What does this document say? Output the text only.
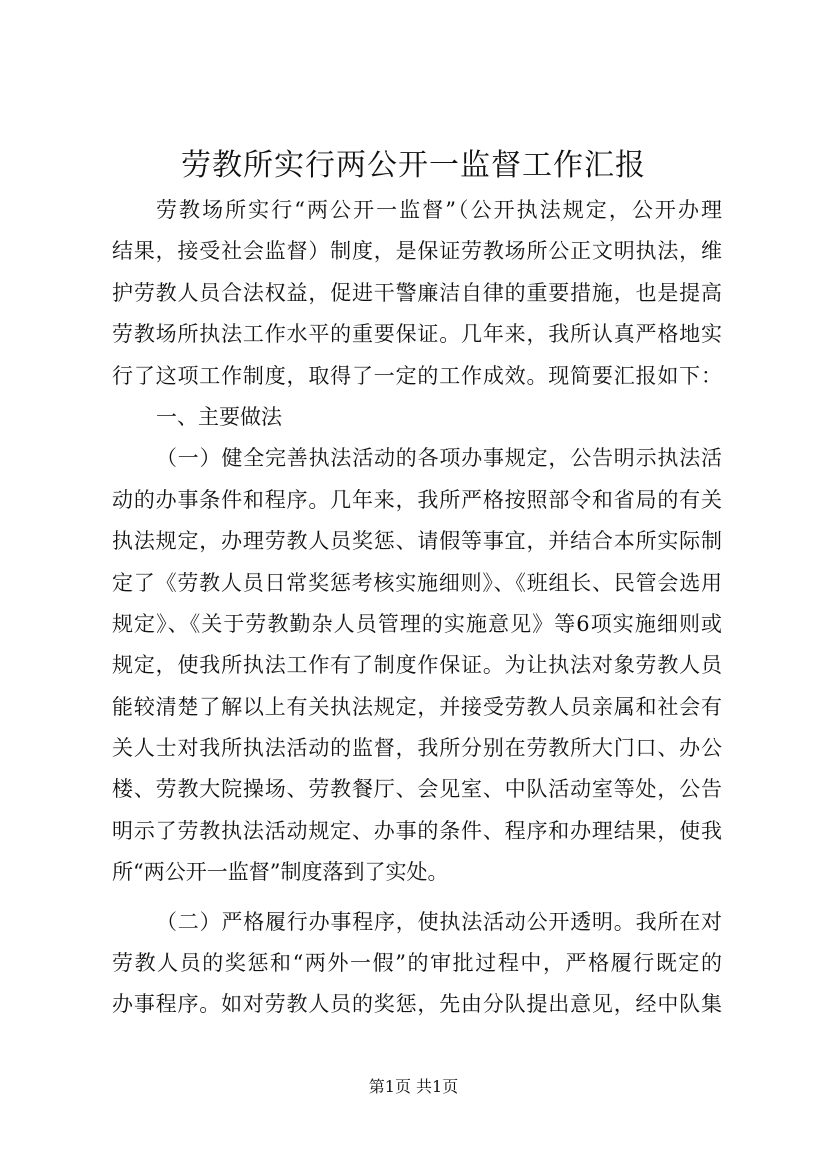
劳教所实行两公开一监督工作汇报
劳教场所实行“两公开一监督”（公开执法规定，公开办理
结果，接受社会监督）制度，是保证劳教场所公正文明执法，维
护劳教人员合法权益，促进干警廉洁自律的重要措施，也是提高
劳教场所执法工作水平的重要保证。几年来，我所认真严格地实
行了这项工作制度，取得了一定的工作成效。现简要汇报如下：
一、主要做法
（一）健全完善执法活动的各项办事规定，公告明示执法活
动的办事条件和程序。几年来，我所严格按照部令和省局的有关
执法规定，办理劳教人员奖惩、请假等事宜，并结合本所实际制
定了《劳教人员日常奖惩考核实施细则》、《班组长、民管会选用
规定》、《关于劳教勤杂人员管理的实施意见》等6项实施细则或
规定，使我所执法工作有了制度作保证。为让执法对象劳教人员
能较清楚了解以上有关执法规定，并接受劳教人员亲属和社会有
关人士对我所执法活动的监督，我所分别在劳教所大门口、办公
楼、劳教大院操场、劳教餐厅、会见室、中队活动室等处，公告
明示了劳教执法活动规定、办事的条件、程序和办理结果，使我
所“两公开一监督”制度落到了实处。
（二）严格履行办事程序，使执法活动公开透明。我所在对
劳教人员的奖惩和“两外一假”的审批过程中，严格履行既定的
办事程序。如对劳教人员的奖惩，先由分队提出意见，经中队集
第1页 共1页
